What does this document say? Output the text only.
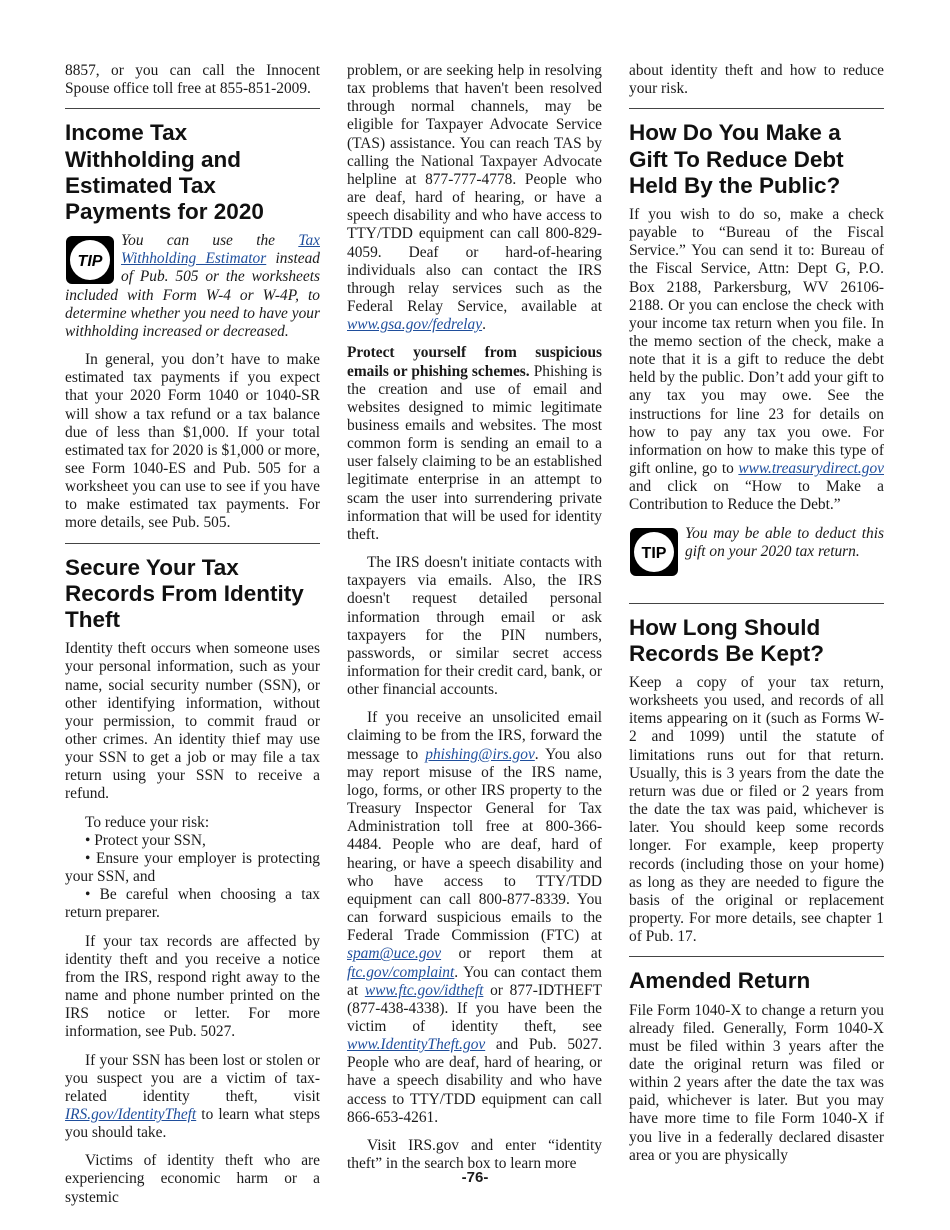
8857, or you can call the Innocent Spouse office toll free at 855-851-2009.

Income Tax Withholding and Estimated Tax Payments for 2020
TIP
You can use the Tax Withholding Estimator instead of Pub. 505 or the worksheets included with Form W-4 or W-4P, to determine whether you need to have your withholding increased or decreased.

In general, you don’t have to make estimated tax payments if you expect that your 2020 Form 1040 or 1040-SR will show a tax refund or a tax balance due of less than $1,000. If your total estimated tax for 2020 is $1,000 or more, see Form 1040-ES and Pub. 505 for a worksheet you can use to see if you have to make estimated tax payments. For more details, see Pub. 505.

Secure Your Tax Records From Identity Theft

Identity theft occurs when someone uses your personal information, such as your name, social security number (SSN), or other identifying information, without your permission, to commit fraud or other crimes. An identity thief may use your SSN to get a job or may file a tax return using your SSN to receive a refund.

To reduce your risk:

• Protect your SSN,

• Ensure your employer is protecting your SSN, and

• Be careful when choosing a tax return preparer.

If your tax records are affected by identity theft and you receive a notice from the IRS, respond right away to the name and phone number printed on the IRS notice or letter. For more information, see Pub. 5027.

If your SSN has been lost or stolen or you suspect you are a victim of tax-related identity theft, visit IRS.gov/IdentityTheft to learn what steps you should take.

Victims of identity theft who are experiencing economic harm or a systemic

problem, or are seeking help in resolving tax problems that haven't been resolved through normal channels, may be eligible for Taxpayer Advocate Service (TAS) assistance. You can reach TAS by calling the National Taxpayer Advocate helpline at 877-777-4778. People who are deaf, hard of hearing, or have a speech disability and who have access to TTY/TDD equipment can call 800-829-4059. Deaf or hard-of-hearing individuals also can contact the IRS through relay services such as the Federal Relay Service, available at www.gsa.gov/fedrelay.

Protect yourself from suspicious emails or phishing schemes. Phishing is the creation and use of email and websites designed to mimic legitimate business emails and websites. The most common form is sending an email to a user falsely claiming to be an established legitimate enterprise in an attempt to scam the user into surrendering private information that will be used for identity theft.

The IRS doesn't initiate contacts with taxpayers via emails. Also, the IRS doesn't request detailed personal information through email or ask taxpayers for the PIN numbers, passwords, or similar secret access information for their credit card, bank, or other financial accounts.

If you receive an unsolicited email claiming to be from the IRS, forward the message to phishing@irs.gov. You also may report misuse of the IRS name, logo, forms, or other IRS property to the Treasury Inspector General for Tax Administration toll free at 800-366-4484. People who are deaf, hard of hearing, or have a speech disability and who have access to TTY/TDD equipment can call 800-877-8339. You can forward suspicious emails to the Federal Trade Commission (FTC) at spam@uce.gov or report them at ftc.gov/complaint. You can contact them at www.ftc.gov/idtheft or 877-IDTHEFT (877-438-4338). If you have been the victim of identity theft, see www.IdentityTheft.gov and Pub. 5027. People who are deaf, hard of hearing, or have a speech disability and who have access to TTY/TDD equipment can call 866-653-4261.

Visit IRS.gov and enter “identity theft” in the search box to learn more

about identity theft and how to reduce your risk.

How Do You Make a Gift To Reduce Debt Held By the Public?

If you wish to do so, make a check payable to “Bureau of the Fiscal Service.” You can send it to: Bureau of the Fiscal Service, Attn: Dept G, P.O. Box 2188, Parkersburg, WV 26106-2188. Or you can enclose the check with your income tax return when you file. In the memo section of the check, make a note that it is a gift to reduce the debt held by the public. Don’t add your gift to any tax you may owe. See the instructions for line 23 for details on how to pay any tax you owe. For information on how to make this type of gift online, go to www.treasurydirect.gov and click on “How to Make a Contribution to Reduce the Debt.”

TIP
You may be able to deduct this gift on your 2020 tax return.
How Long Should Records Be Kept?

Keep a copy of your tax return, worksheets you used, and records of all items appearing on it (such as Forms W-2 and 1099) until the statute of limitations runs out for that return. Usually, this is 3 years from the date the return was due or filed or 2 years from the date the tax was paid, whichever is later. You should keep some records longer. For example, keep property records (including those on your home) as long as they are needed to figure the basis of the original or replacement property. For more details, see chapter 1 of Pub. 17.

Amended Return

File Form 1040-X to change a return you already filed. Generally, Form 1040-X must be filed within 3 years after the date the original return was filed or within 2 years after the date the tax was paid, whichever is later. But you may have more time to file Form 1040-X if you live in a federally declared disaster area or you are physically

-76-
